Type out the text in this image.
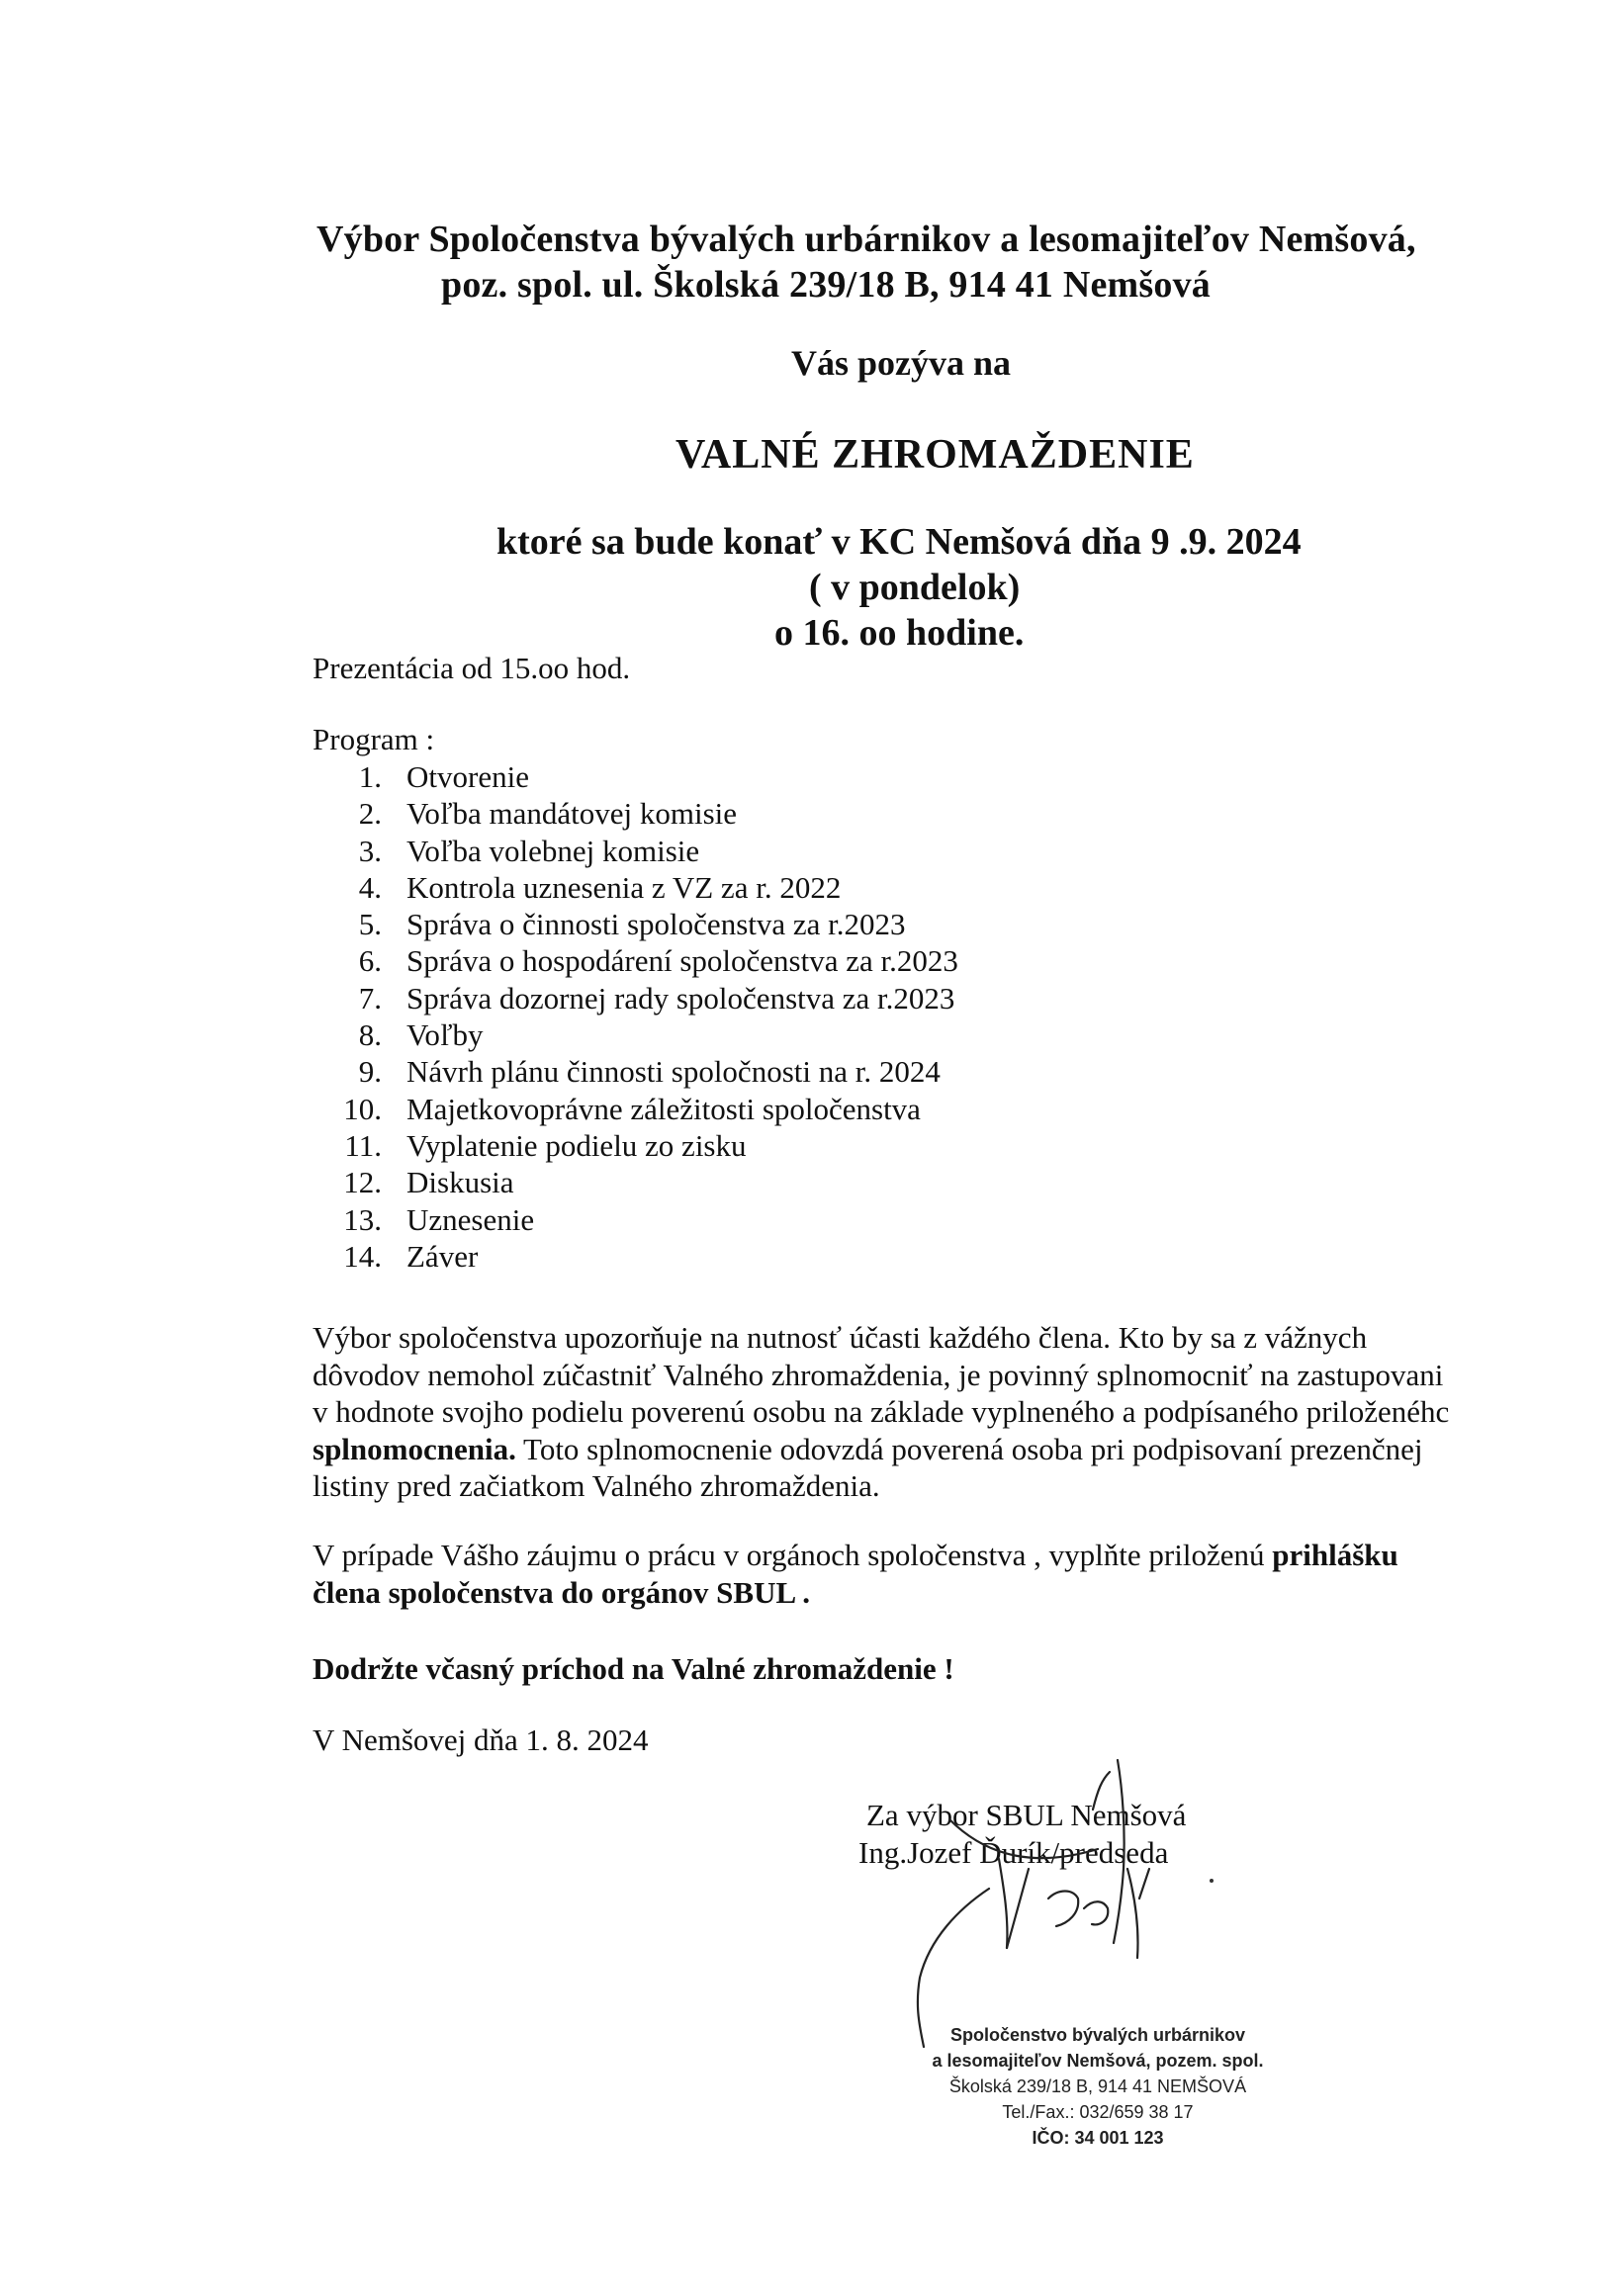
Výbor Spoločenstva bývalých urbárnikov a lesomajiteľov Nemšová,
poz. spol. ul. Školská 239/18 B, 914 41 Nemšová
Vás pozýva na
VALNÉ ZHROMAŽDENIE
ktoré sa bude konať v KC Nemšová dňa 9 .9. 2024
( v pondelok)
o 16. oo hodine.
Prezentácia od 15.oo hod.
Program :
1. Otvorenie
2. Voľba mandátovej komisie
3. Voľba volebnej komisie
4. Kontrola uznesenia z VZ za r. 2022
5. Správa o činnosti spoločenstva za r.2023
6. Správa o hospodárení spoločenstva za r.2023
7. Správa dozornej rady spoločenstva za r.2023
8. Voľby
9. Návrh plánu činnosti spoločnosti na r. 2024
10. Majetkovoprávne záležitosti spoločenstva
11. Vyplatenie podielu zo zisku
12. Diskusia
13. Uznesenie
14. Záver
Výbor spoločenstva upozorňuje na nutnosť účasti každého člena. Kto by sa z vážnych
dôvodov nemohol zúčastniť Valného zhromaždenia, je povinný splnomocniť na zastupovani
v hodnote svojho podielu poverenú osobu na základe vyplneného a podpísaného priloženéhc
splnomocnenia. Toto splnomocnenie odovzdá poverená osoba pri podpisovaní prezenčnej
listiny pred začiatkom Valného zhromaždenia.
V prípade Vášho záujmu o prácu v orgánoch spoločenstva , vyplňte priloženú prihlášku
člena spoločenstva do orgánov SBUL .
Dodržte včasný príchod na Valné zhromaždenie !
V Nemšovej dňa 1. 8. 2024
Za výbor SBUL Nemšová
Ing.Jozef Ďurík/predseda
Spoločenstvo bývalých urbárnikov
a lesomajiteľov Nemšová, pozem. spol.
Školská 239/18 B, 914 41 NEMŠOVÁ
Tel./Fax.: 032/659 38 17
IČO: 34 001 123
